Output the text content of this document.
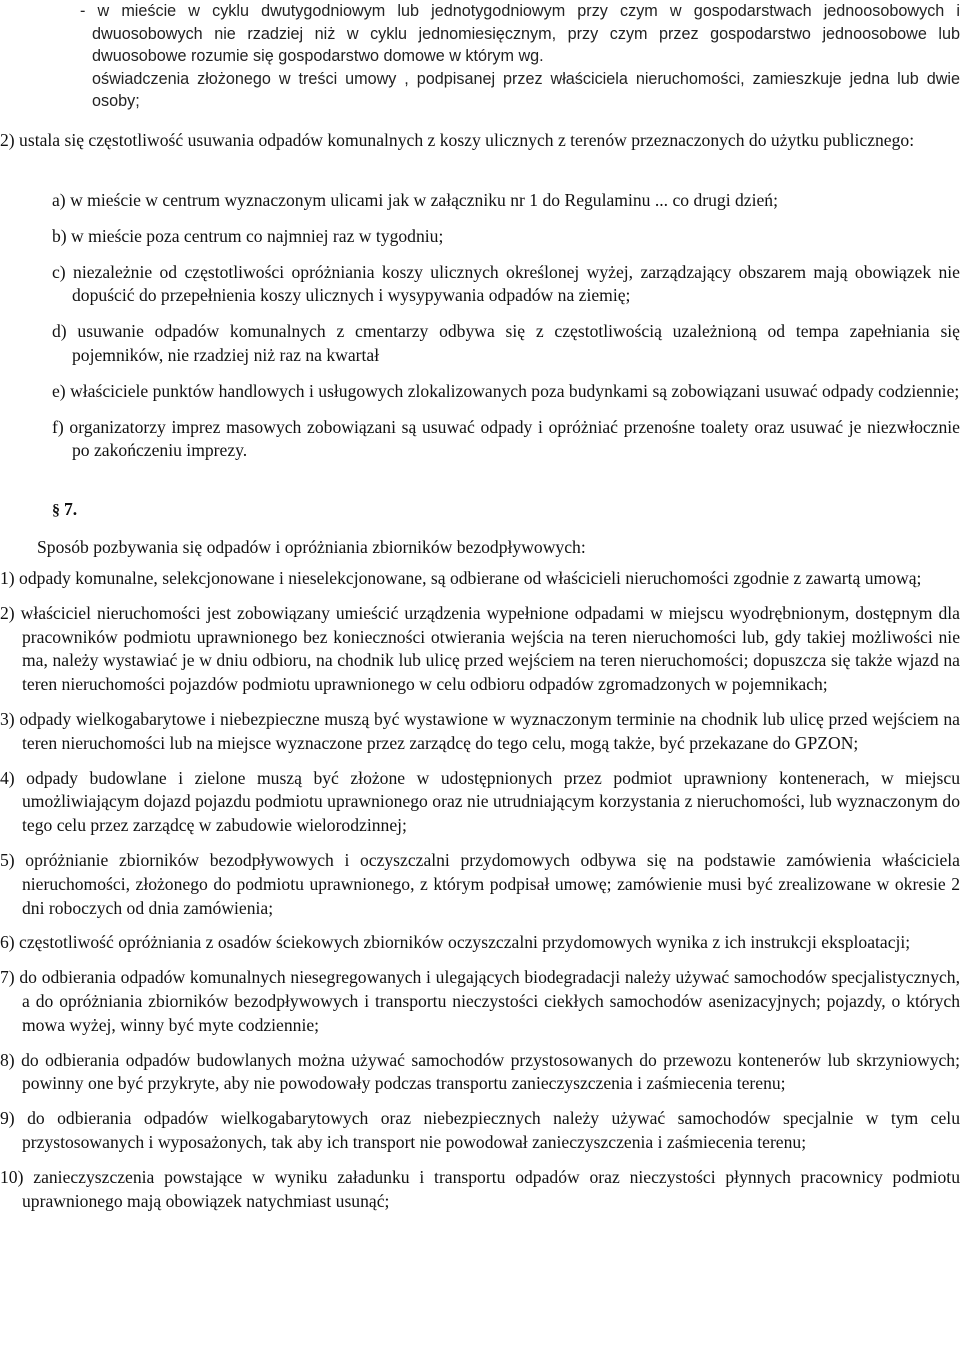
- w mieście w cyklu dwutygodniowym lub jednotygodniowym przy czym w gospodarstwach jednoosobowych i dwuosobowych nie rzadziej niż w cyklu jednomiesięcznym, przy czym przez gospodarstwo jednoosobowe lub dwuosobowe rozumie się gospodarstwo domowe w którym wg.
oświadczenia złożonego w treści umowy , podpisanej przez właściciela nieruchomości, zamieszkuje jedna lub dwie osoby;
2) ustala się częstotliwość usuwania odpadów komunalnych z koszy ulicznych z terenów przeznaczonych do użytku publicznego:
a) w mieście w centrum wyznaczonym ulicami jak w załączniku nr 1 do Regulaminu ... co drugi dzień;
b) w mieście poza centrum co najmniej raz w tygodniu;
c) niezależnie od częstotliwości opróżniania koszy ulicznych określonej wyżej, zarządzający obszarem mają obowiązek nie dopuścić do przepełnienia koszy ulicznych i wysypywania odpadów na ziemię;
d) usuwanie odpadów komunalnych z cmentarzy odbywa się z częstotliwością uzależnioną od tempa zapełniania się pojemników, nie rzadziej niż raz na kwartał
e) właściciele punktów handlowych i usługowych zlokalizowanych poza budynkami są zobowiązani usuwać odpady codziennie;
f) organizatorzy imprez masowych zobowiązani są usuwać odpady i opróżniać przenośne toalety oraz usuwać je niezwłocznie po zakończeniu imprezy.
§ 7.
Sposób pozbywania się odpadów i opróżniania zbiorników bezodpływowych:
1) odpady komunalne, selekcjonowane i nieselekcjonowane, są odbierane od właścicieli nieruchomości zgodnie z zawartą umową;
2) właściciel nieruchomości jest zobowiązany umieścić urządzenia wypełnione odpadami w miejscu wyodrębnionym, dostępnym dla pracowników podmiotu uprawnionego bez konieczności otwierania wejścia na teren nieruchomości lub, gdy takiej możliwości nie ma, należy wystawiać je w dniu odbioru, na chodnik lub ulicę przed wejściem na teren nieruchomości; dopuszcza się także wjazd na teren nieruchomości pojazdów podmiotu uprawnionego w celu odbioru odpadów zgromadzonych w pojemnikach;
3) odpady wielkogabarytowe i niebezpieczne muszą być wystawione w wyznaczonym terminie na chodnik lub ulicę przed wejściem na teren nieruchomości lub na miejsce wyznaczone przez zarządcę do tego celu, mogą także, być przekazane do GPZON;
4) odpady budowlane i zielone muszą być złożone w udostępnionych przez podmiot uprawniony kontenerach, w miejscu umożliwiającym dojazd pojazdu podmiotu uprawnionego oraz nie utrudniającym korzystania z nieruchomości, lub wyznaczonym do tego celu przez zarządcę w zabudowie wielorodzinnej;
5) opróżnianie zbiorników bezodpływowych i oczyszczalni przydomowych odbywa się na podstawie zamówienia właściciela nieruchomości, złożonego do podmiotu uprawnionego, z którym podpisał umowę; zamówienie musi być zrealizowane w okresie 2 dni roboczych od dnia zamówienia;
6) częstotliwość opróżniania z osadów ściekowych zbiorników oczyszczalni przydomowych wynika z ich instrukcji eksploatacji;
7) do odbierania odpadów komunalnych niesegregowanych i ulegających biodegradacji należy używać samochodów specjalistycznych, a do opróżniania zbiorników bezodpływowych i transportu nieczystości ciekłych samochodów asenizacyjnych; pojazdy, o których mowa wyżej, winny być myte codziennie;
8) do odbierania odpadów budowlanych można używać samochodów przystosowanych do przewozu kontenerów lub skrzyniowych; powinny one być przykryte, aby nie powodowały podczas transportu zanieczyszczenia i zaśmiecenia terenu;
9) do odbierania odpadów wielkogabarytowych oraz niebezpiecznych należy używać samochodów specjalnie w tym celu przystosowanych i wyposażonych, tak aby ich transport nie powodował zanieczyszczenia i zaśmiecenia terenu;
10) zanieczyszczenia powstające w wyniku załadunku i transportu odpadów oraz nieczystości płynnych pracownicy podmiotu uprawnionego mają obowiązek natychmiast usunąć;
